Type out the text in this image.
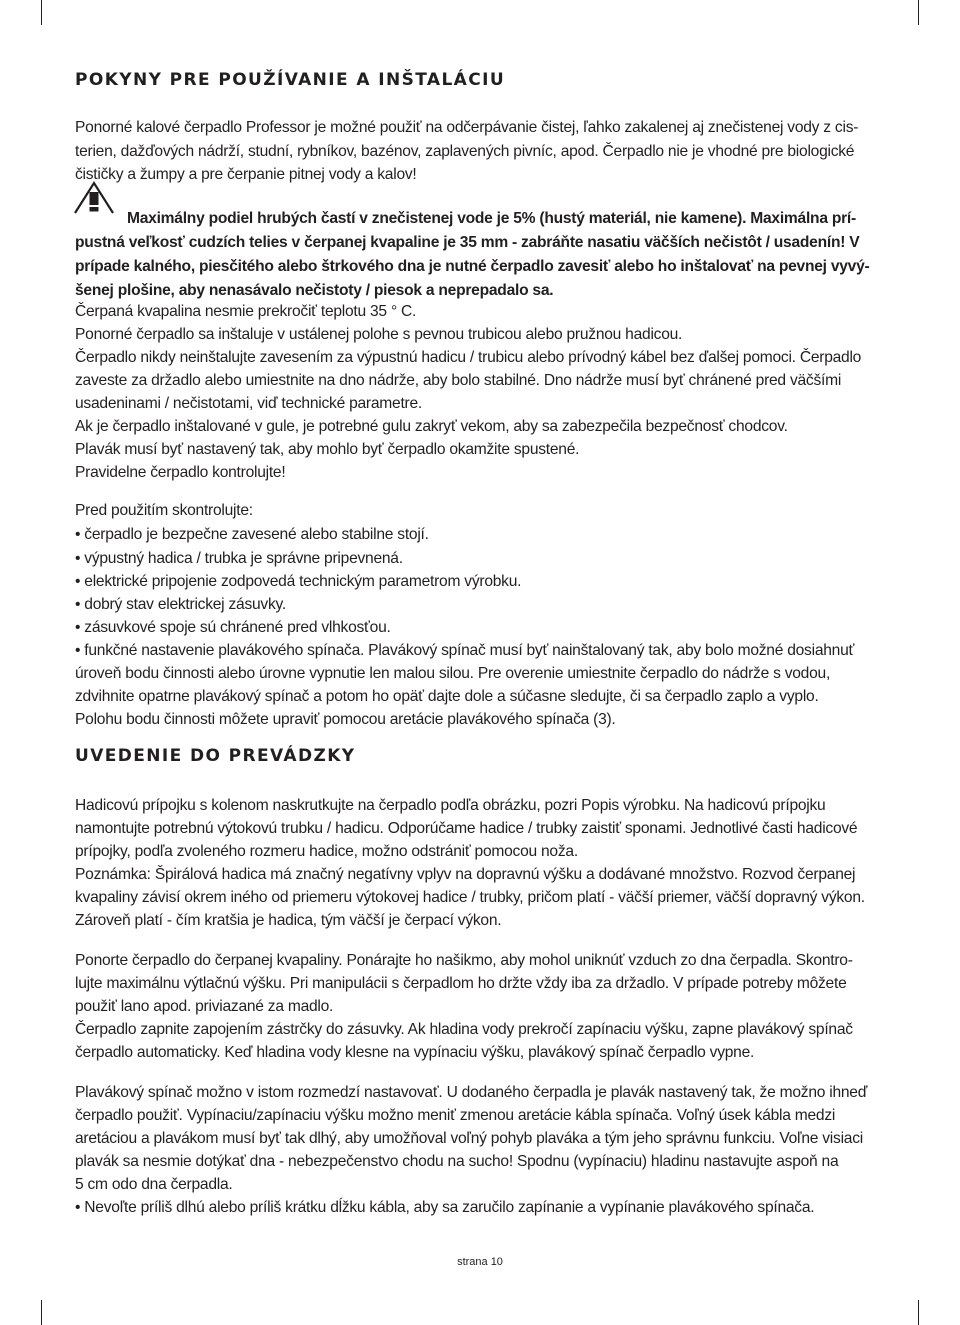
POKYNY PRE POUŽÍVANIE A INŠTALÁCIU
Ponorné kalové čerpadlo Professor je možné použiť na odčerpávanie čistej, ľahko zakalenej aj znečistenej vody z cis-
terien, dažďových nádrží, studní, rybníkov, bazénov, zaplavených pivníc, apod. Čerpadlo nie je vhodné pre biologické
čističky a žumpy a pre čerpanie pitnej vody a kalov!
Maximálny podiel hrubých častí v znečistenej vode je 5% (hustý materiál, nie kamene). Maximálna prí-
pustná veľkosť cudzích telies v čerpanej kvapaline je 35 mm - zabráňte nasatiu väčších nečistôt / usadenín! V
prípade kalného, piesčitého alebo štrkového dna je nutné čerpadlo zavesiť alebo ho inštalovať na pevnej vyvý-
šenej plošine, aby nenasávalo nečistoty / piesok a neprepadalo sa.
Čerpaná kvapalina nesmie prekročiť teplotu 35 ° C.
Ponorné čerpadlo sa inštaluje v ustálenej polohe s pevnou trubicou alebo pružnou hadicou.
Čerpadlo nikdy neinštalujte zavesením za výpustnú hadicu / trubicu alebo prívodný kábel bez ďalšej pomoci. Čerpadlo
zaveste za držadlo alebo umiestnite na dno nádrže, aby bolo stabilné. Dno nádrže musí byť chránené pred väčšími
usadeninami / nečistotami, viď technické parametre.
Ak je čerpadlo inštalované v gule, je potrebné gulu zakryť vekom, aby sa zabezpečila bezpečnosť chodcov.
Plavák musí byť nastavený tak, aby mohlo byť čerpadlo okamžite spustené.
Pravidelne čerpadlo kontrolujte!
Pred použitím skontrolujte:
• čerpadlo je bezpečne zavesené alebo stabilne stojí.
• výpustný hadica / trubka je správne pripevnená.
• elektrické pripojenie zodpovedá technickým parametrom výrobku.
• dobrý stav elektrickej zásuvky.
• zásuvkové spoje sú chránené pred vlhkosťou.
• funkčné nastavenie plavákového spínača. Plavákový spínač musí byť nainštalovaný tak, aby bolo možné dosiahnuť
úroveň bodu činnosti alebo úrovne vypnutie len malou silou. Pre overenie umiestnite čerpadlo do nádrže s vodou,
zdvihnite opatrne plavákový spínač a potom ho opäť dajte dole a súčasne sledujte, či sa čerpadlo zaplo a vyplo.
Polohu bodu činnosti môžete upraviť pomocou aretácie plavákového spínača (3).
Hadicovú prípojku s kolenom naskrutkujte na čerpadlo podľa obrázku, pozri Popis výrobku. Na hadicovú prípojku
namontujte potrebnú výtokovú trubku / hadicu. Odporúčame hadice / trubky zaistiť sponami. Jednotlivé časti hadicové
prípojky, podľa zvoleného rozmeru hadice, možno odstrániť pomocou noža.
Poznámka: Špirálová hadica má značný negatívny vplyv na dopravnú výšku a dodávané množstvo. Rozvod čerpanej
kvapaliny závisí okrem iného od priemeru výtokovej hadice / trubky, pričom platí - väčší priemer, väčší dopravný výkon.
Zároveň platí - čím kratšia je hadica, tým väčší je čerpací výkon.
Ponorte čerpadlo do čerpanej kvapaliny. Ponárajte ho našikmo, aby mohol uniknúť vzduch zo dna čerpadla. Skontro-
lujte maximálnu výtlačnú výšku. Pri manipulácii s čerpadlom ho držte vždy iba za držadlo. V prípade potreby môžete
použiť lano apod. priviazané za madlo.
Čerpadlo zapnite zapojením zástrčky do zásuvky. Ak hladina vody prekročí zapínaciu výšku, zapne plavákový spínač
čerpadlo automaticky. Keď hladina vody klesne na vypínaciu výšku, plavákový spínač čerpadlo vypne.
Plavákový spínač možno v istom rozmedzí nastavovať. U dodaného čerpadla je plavák nastavený tak, že možno ihneď
čerpadlo použiť. Vypínaciu/zapínaciu výšku možno meniť zmenou aretácie kábla spínača. Voľný úsek kábla medzi
aretáciou a plavákom musí byť tak dlhý, aby umožňoval voľný pohyb plaváka a tým jeho správnu funkciu. Voľne visiaci
plavák sa nesmie dotýkať dna - nebezpečenstvo chodu na sucho! Spodnu (vypínaciu) hladinu nastavujte aspoň na
5 cm odo dna čerpadla.
• Nevoľte príliš dlhú alebo príliš krátku dĺžku kábla, aby sa zaručilo zapínanie a vypínanie plavákového spínača.
UVEDENIE DO PREVÁDZKY
strana 10
